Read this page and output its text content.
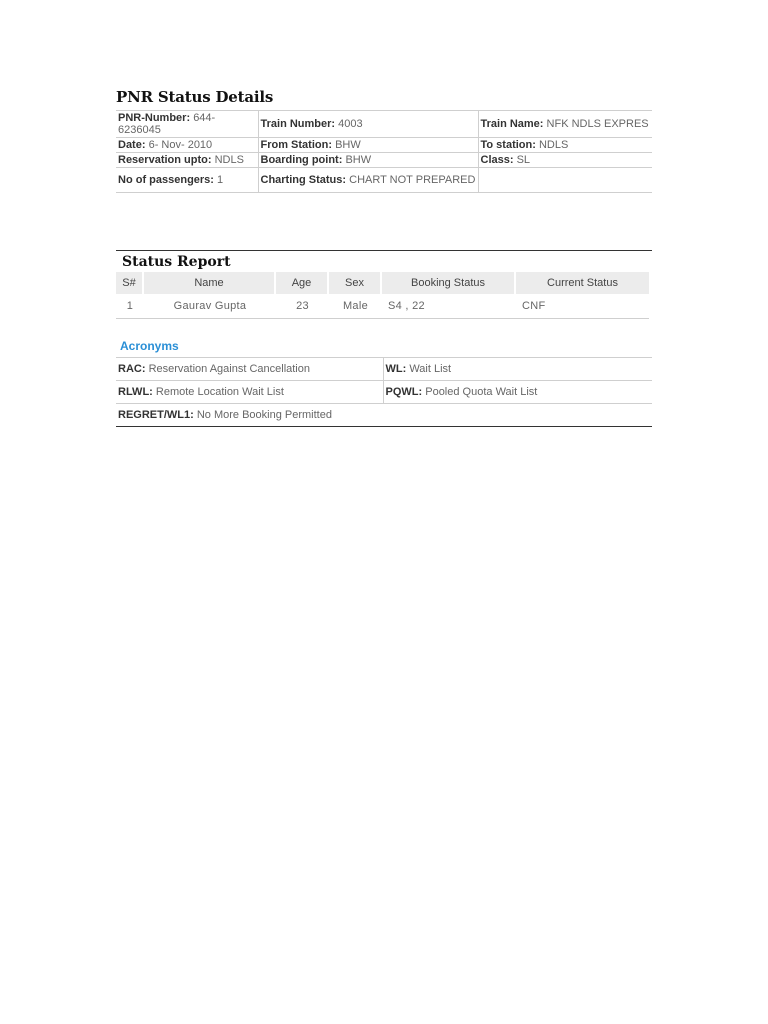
PNR Status Details
PNR-Number: 644-6236045	Train Number: 4003	Train Name: NFK NDLS EXPRES
Date: 6- Nov- 2010	From Station: BHW	To station: NDLS
Reservation upto: NDLS	Boarding point: BHW	Class: SL
No of passengers: 1	Charting Status: CHART NOT PREPARED	
Status Report
S#	Name	Age	Sex	Booking Status	Current Status
1	Gaurav Gupta	23	Male	S4 , 22	CNF
Acronyms
RAC: Reservation Against Cancellation	WL: Wait List
RLWL: Remote Location Wait List	PQWL: Pooled Quota Wait List
REGRET/WL1: No More Booking Permitted	
